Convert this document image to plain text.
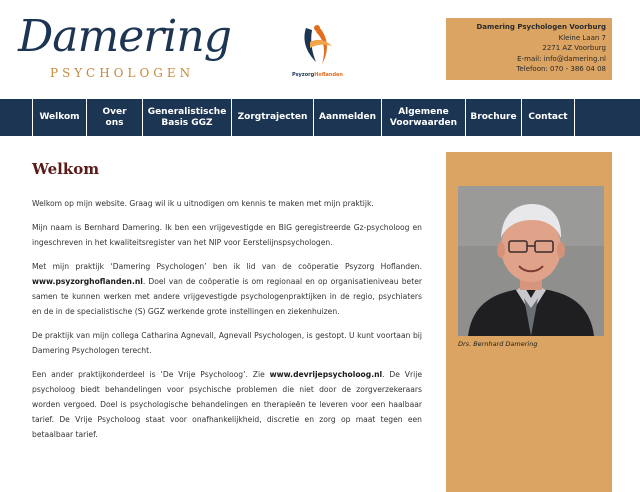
Damering
PSYCHOLOGEN	PsyzorgHoflanden
Damering Psychologen Voorburg
Kleine Laan 7
2271 AZ Voorburg
E-mail: info@damering.nl
Telefoon: 070 - 386 04 08
Welkom
Over ons
Generalistische
Basis GGZ
Zorgtrajecten Aanmelden
Algemene
Voorwaarden
Brochure Contact
Welkom

Welkom op mijn website. Graag wil ik u uitnodigen om kennis te maken met mijn praktijk.

Mijn naam is Bernhard Damering. Ik ben een vrijgevestigde en BIG geregistreerde Gz-psycholoog en ingeschreven in het kwaliteitsregister van het NIP voor Eerstelijnspsychologen.

Met mijn praktijk ‘Damering Psychologen’ ben ik lid van de coöperatie Psyzorg Hoflanden. www.psyzorghoflanden.nl. Doel van de coöperatie is om regionaal en op organisatieniveau beter samen te kunnen werken met andere vrijgevestigde psychologenpraktijken in de regio, psychiaters en de in de specialistische (S) GGZ werkende grote instellingen en ziekenhuizen.

De praktijk van mijn collega Catharina Agnevall, Agnevall Psychologen, is gestopt. U kunt voortaan bij Damering Psychologen terecht.

Een ander praktijkonderdeel is ‘De Vrije Psycholoog’. Zie www.devrijepsycholoog.nl. De Vrije psycholoog biedt behandelingen voor psychische problemen die niet door de zorgverzekeraars worden vergoed. Doel is psychologische behandelingen en therapieën te leveren voor een haalbaar tarief. De Vrije Psycholoog staat voor onafhankelijkheid, discretie en zorg op maat tegen een betaalbaar tarief.

Drs. Bernhard Damering
